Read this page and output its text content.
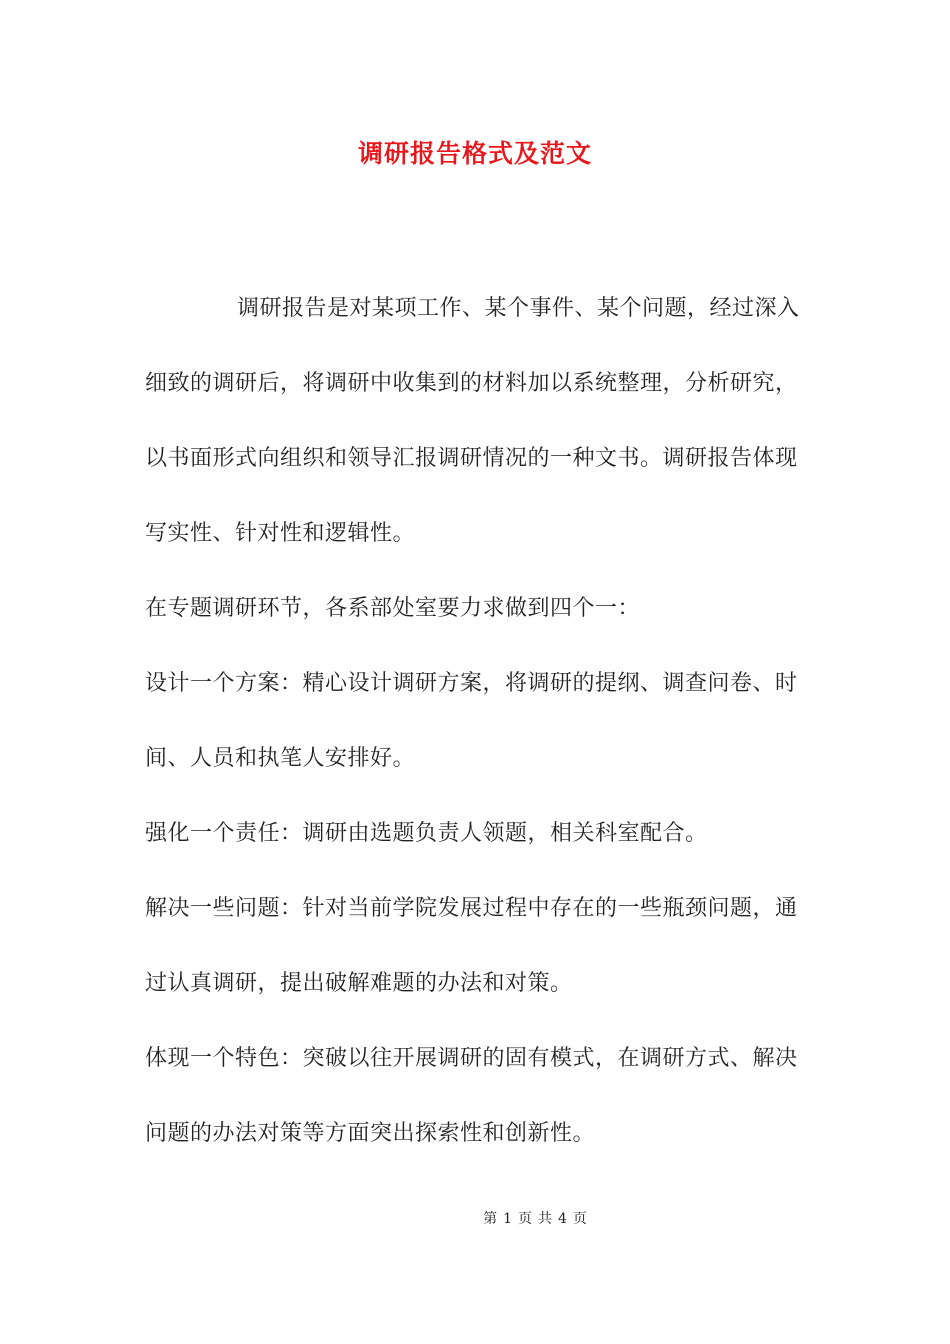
调研报告格式及范文

调研报告是对某项工作、某个事件、某个问题，经过深入细致的调研后，将调研中收集到的材料加以系统整理，分析研究，以书面形式向组织和领导汇报调研情况的一种文书。调研报告体现写实性、针对性和逻辑性。

在专题调研环节，各系部处室要力求做到四个一：

设计一个方案：精心设计调研方案，将调研的提纲、调查问卷、时间、人员和执笔人安排好。

强化一个责任：调研由选题负责人领题，相关科室配合。

解决一些问题：针对当前学院发展过程中存在的一些瓶颈问题，通过认真调研，提出破解难题的办法和对策。

体现一个特色：突破以往开展调研的固有模式，在调研方式、解决问题的办法对策等方面突出探索性和创新性。

第 1 页 共 4 页
